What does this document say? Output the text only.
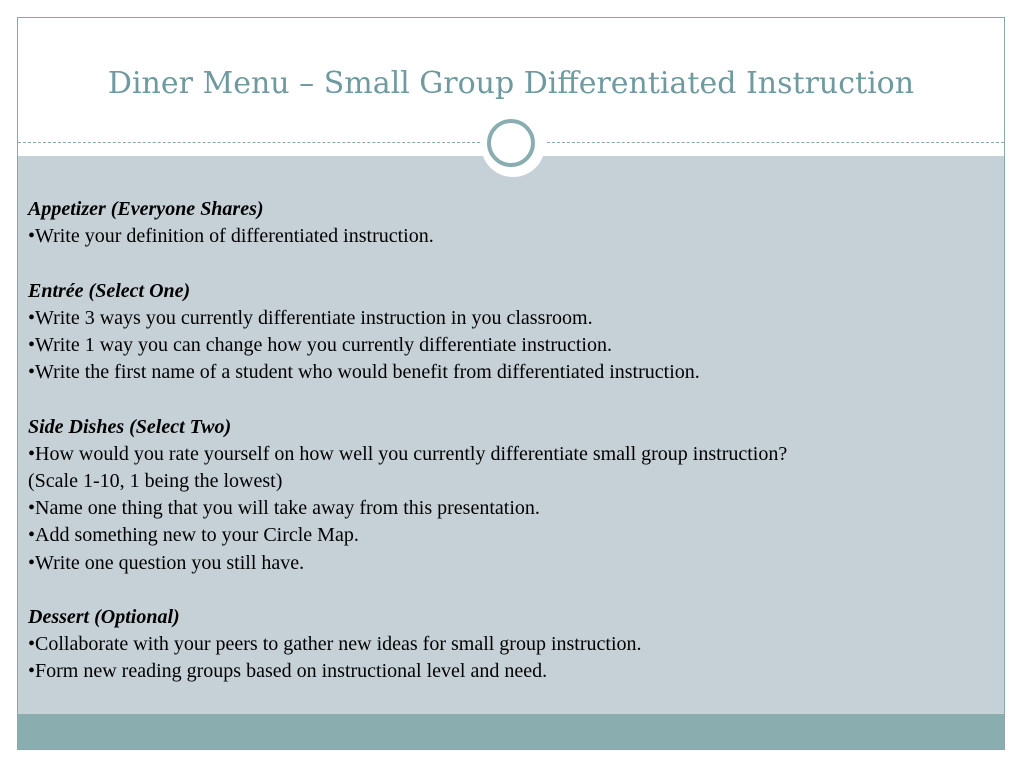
Diner Menu – Small Group Differentiated Instruction
Appetizer (Everyone Shares)
•Write your definition of differentiated instruction.
Entrée (Select One)
•Write 3 ways you currently differentiate instruction in you classroom.
•Write 1 way you can change how you currently differentiate instruction.
•Write the first name of a student who would benefit from differentiated instruction.
Side Dishes (Select Two)
•How would you rate yourself on how well you currently differentiate small group instruction?
(Scale 1-10, 1 being the lowest)
•Name one thing that you will take away from this presentation.
•Add something new to your Circle Map.
•Write one question you still have.
Dessert (Optional)
•Collaborate with your peers to gather new ideas for small group instruction.
•Form new reading groups based on instructional level and need.
